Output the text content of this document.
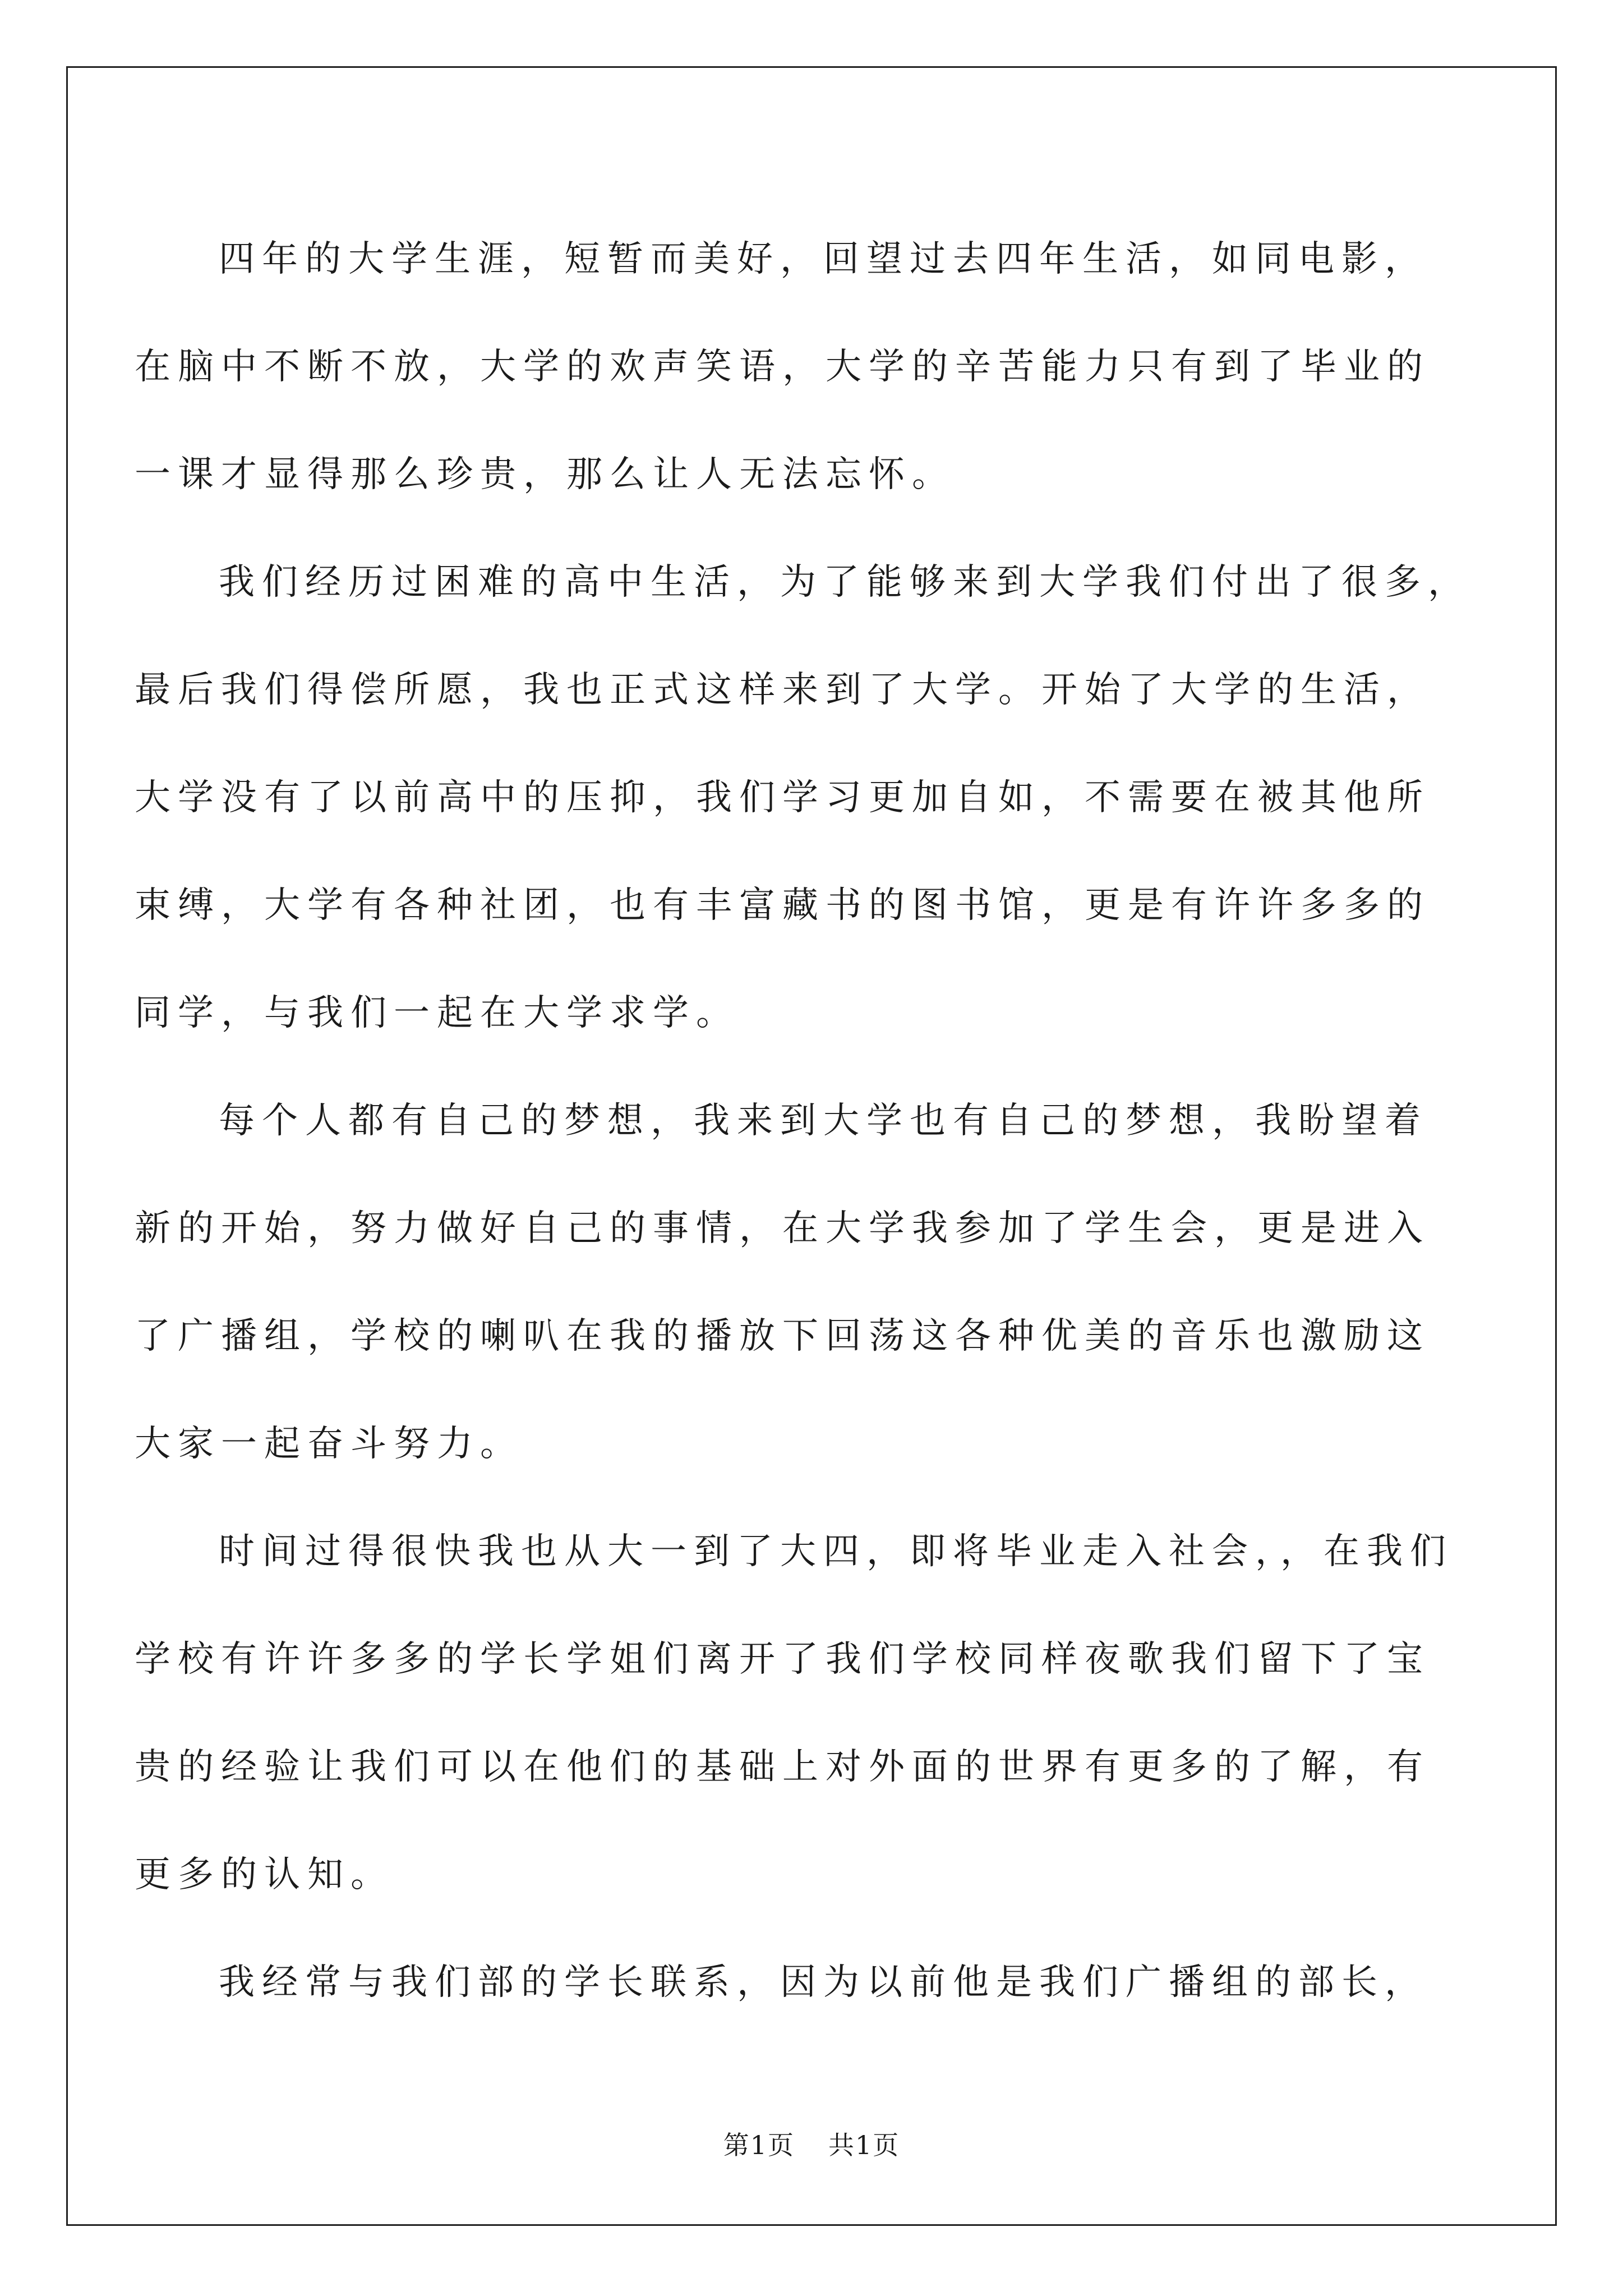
四年的大学生涯，短暂而美好，回望过去四年生活，如同电影，
在脑中不断不放，大学的欢声笑语，大学的辛苦能力只有到了毕业的
一课才显得那么珍贵，那么让人无法忘怀。
我们经历过困难的高中生活，为了能够来到大学我们付出了很多，
最后我们得偿所愿，我也正式这样来到了大学。开始了大学的生活，
大学没有了以前高中的压抑，我们学习更加自如，不需要在被其他所
束缚，大学有各种社团，也有丰富藏书的图书馆，更是有许许多多的
同学，与我们一起在大学求学。
每个人都有自己的梦想，我来到大学也有自己的梦想，我盼望着
新的开始，努力做好自己的事情，在大学我参加了学生会，更是进入
了广播组，学校的喇叭在我的播放下回荡这各种优美的音乐也激励这
大家一起奋斗努力。
时间过得很快我也从大一到了大四，即将毕业走入社会，，在我们
学校有许许多多的学长学姐们离开了我们学校同样夜歌我们留下了宝
贵的经验让我们可以在他们的基础上对外面的世界有更多的了解，有
更多的认知。
我经常与我们部的学长联系，因为以前他是我们广播组的部长，
第1页 共1页
